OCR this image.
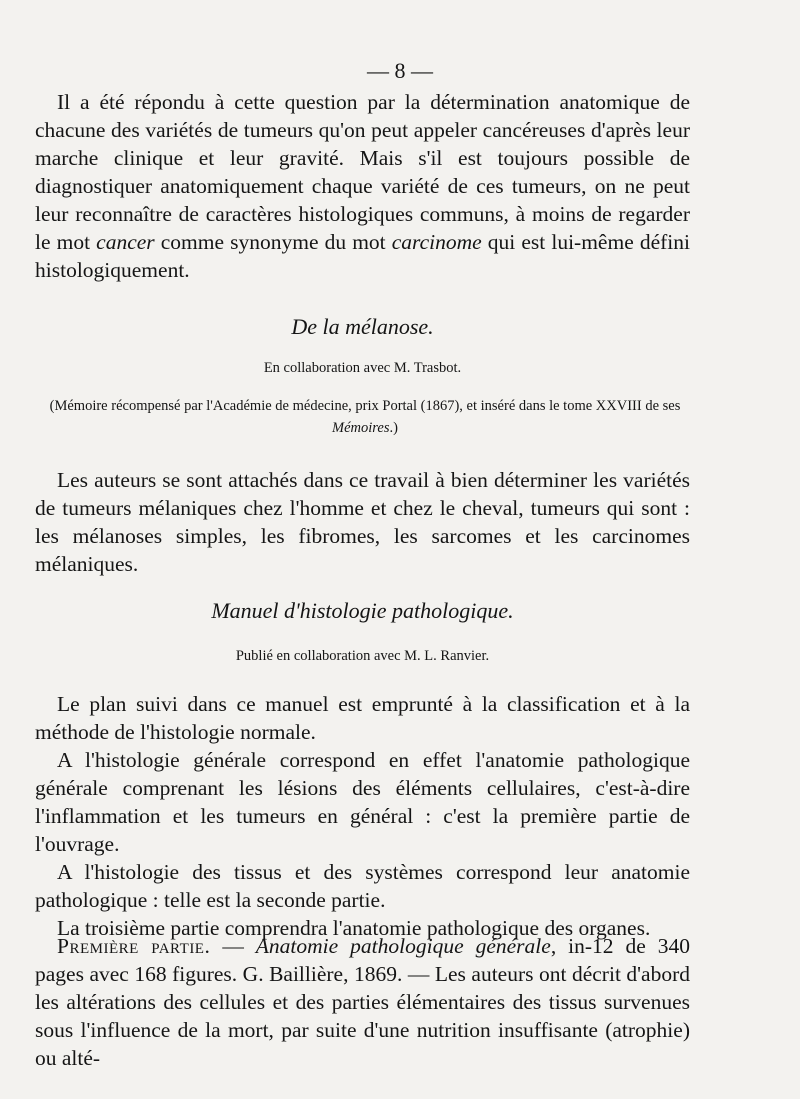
— 8 —

Il a été répondu à cette question par la détermination anatomique de chacune des variétés de tumeurs qu'on peut appeler cancéreuses d'après leur marche clinique et leur gravité. Mais s'il est toujours possible de diagnostiquer anatomiquement chaque variété de ces tumeurs, on ne peut leur reconnaître de caractères histologiques communs, à moins de regarder le mot cancer comme synonyme du mot carcinome qui est lui-même défini histologiquement.

De la mélanose.
En collaboration avec M. Trasbot.
(Mémoire récompensé par l'Académie de médecine, prix Portal (1867), et inséré dans le tome XXVIII de ses Mémoires.)

Les auteurs se sont attachés dans ce travail à bien déterminer les variétés de tumeurs mélaniques chez l'homme et chez le cheval, tumeurs qui sont : les mélanoses simples, les fibromes, les sarcomes et les carcinomes mélaniques.

Manuel d'histologie pathologique.
Publié en collaboration avec M. L. Ranvier.

Le plan suivi dans ce manuel est emprunté à la classification et à la méthode de l'histologie normale.

A l'histologie générale correspond en effet l'anatomie pathologique générale comprenant les lésions des éléments cellulaires, c'est-à-dire l'inflammation et les tumeurs en général : c'est la première partie de l'ouvrage.

A l'histologie des tissus et des systèmes correspond leur anatomie pathologique : telle est la seconde partie.

La troisième partie comprendra l'anatomie pathologique des organes.

Première partie. — Anatomie pathologique générale, in-12 de 340 pages avec 168 figures. G. Baillière, 1869. — Les auteurs ont décrit d'abord les altérations des cellules et des parties élémentaires des tissus survenues sous l'influence de la mort, par suite d'une nutrition insuffisante (atrophie) ou alté-
